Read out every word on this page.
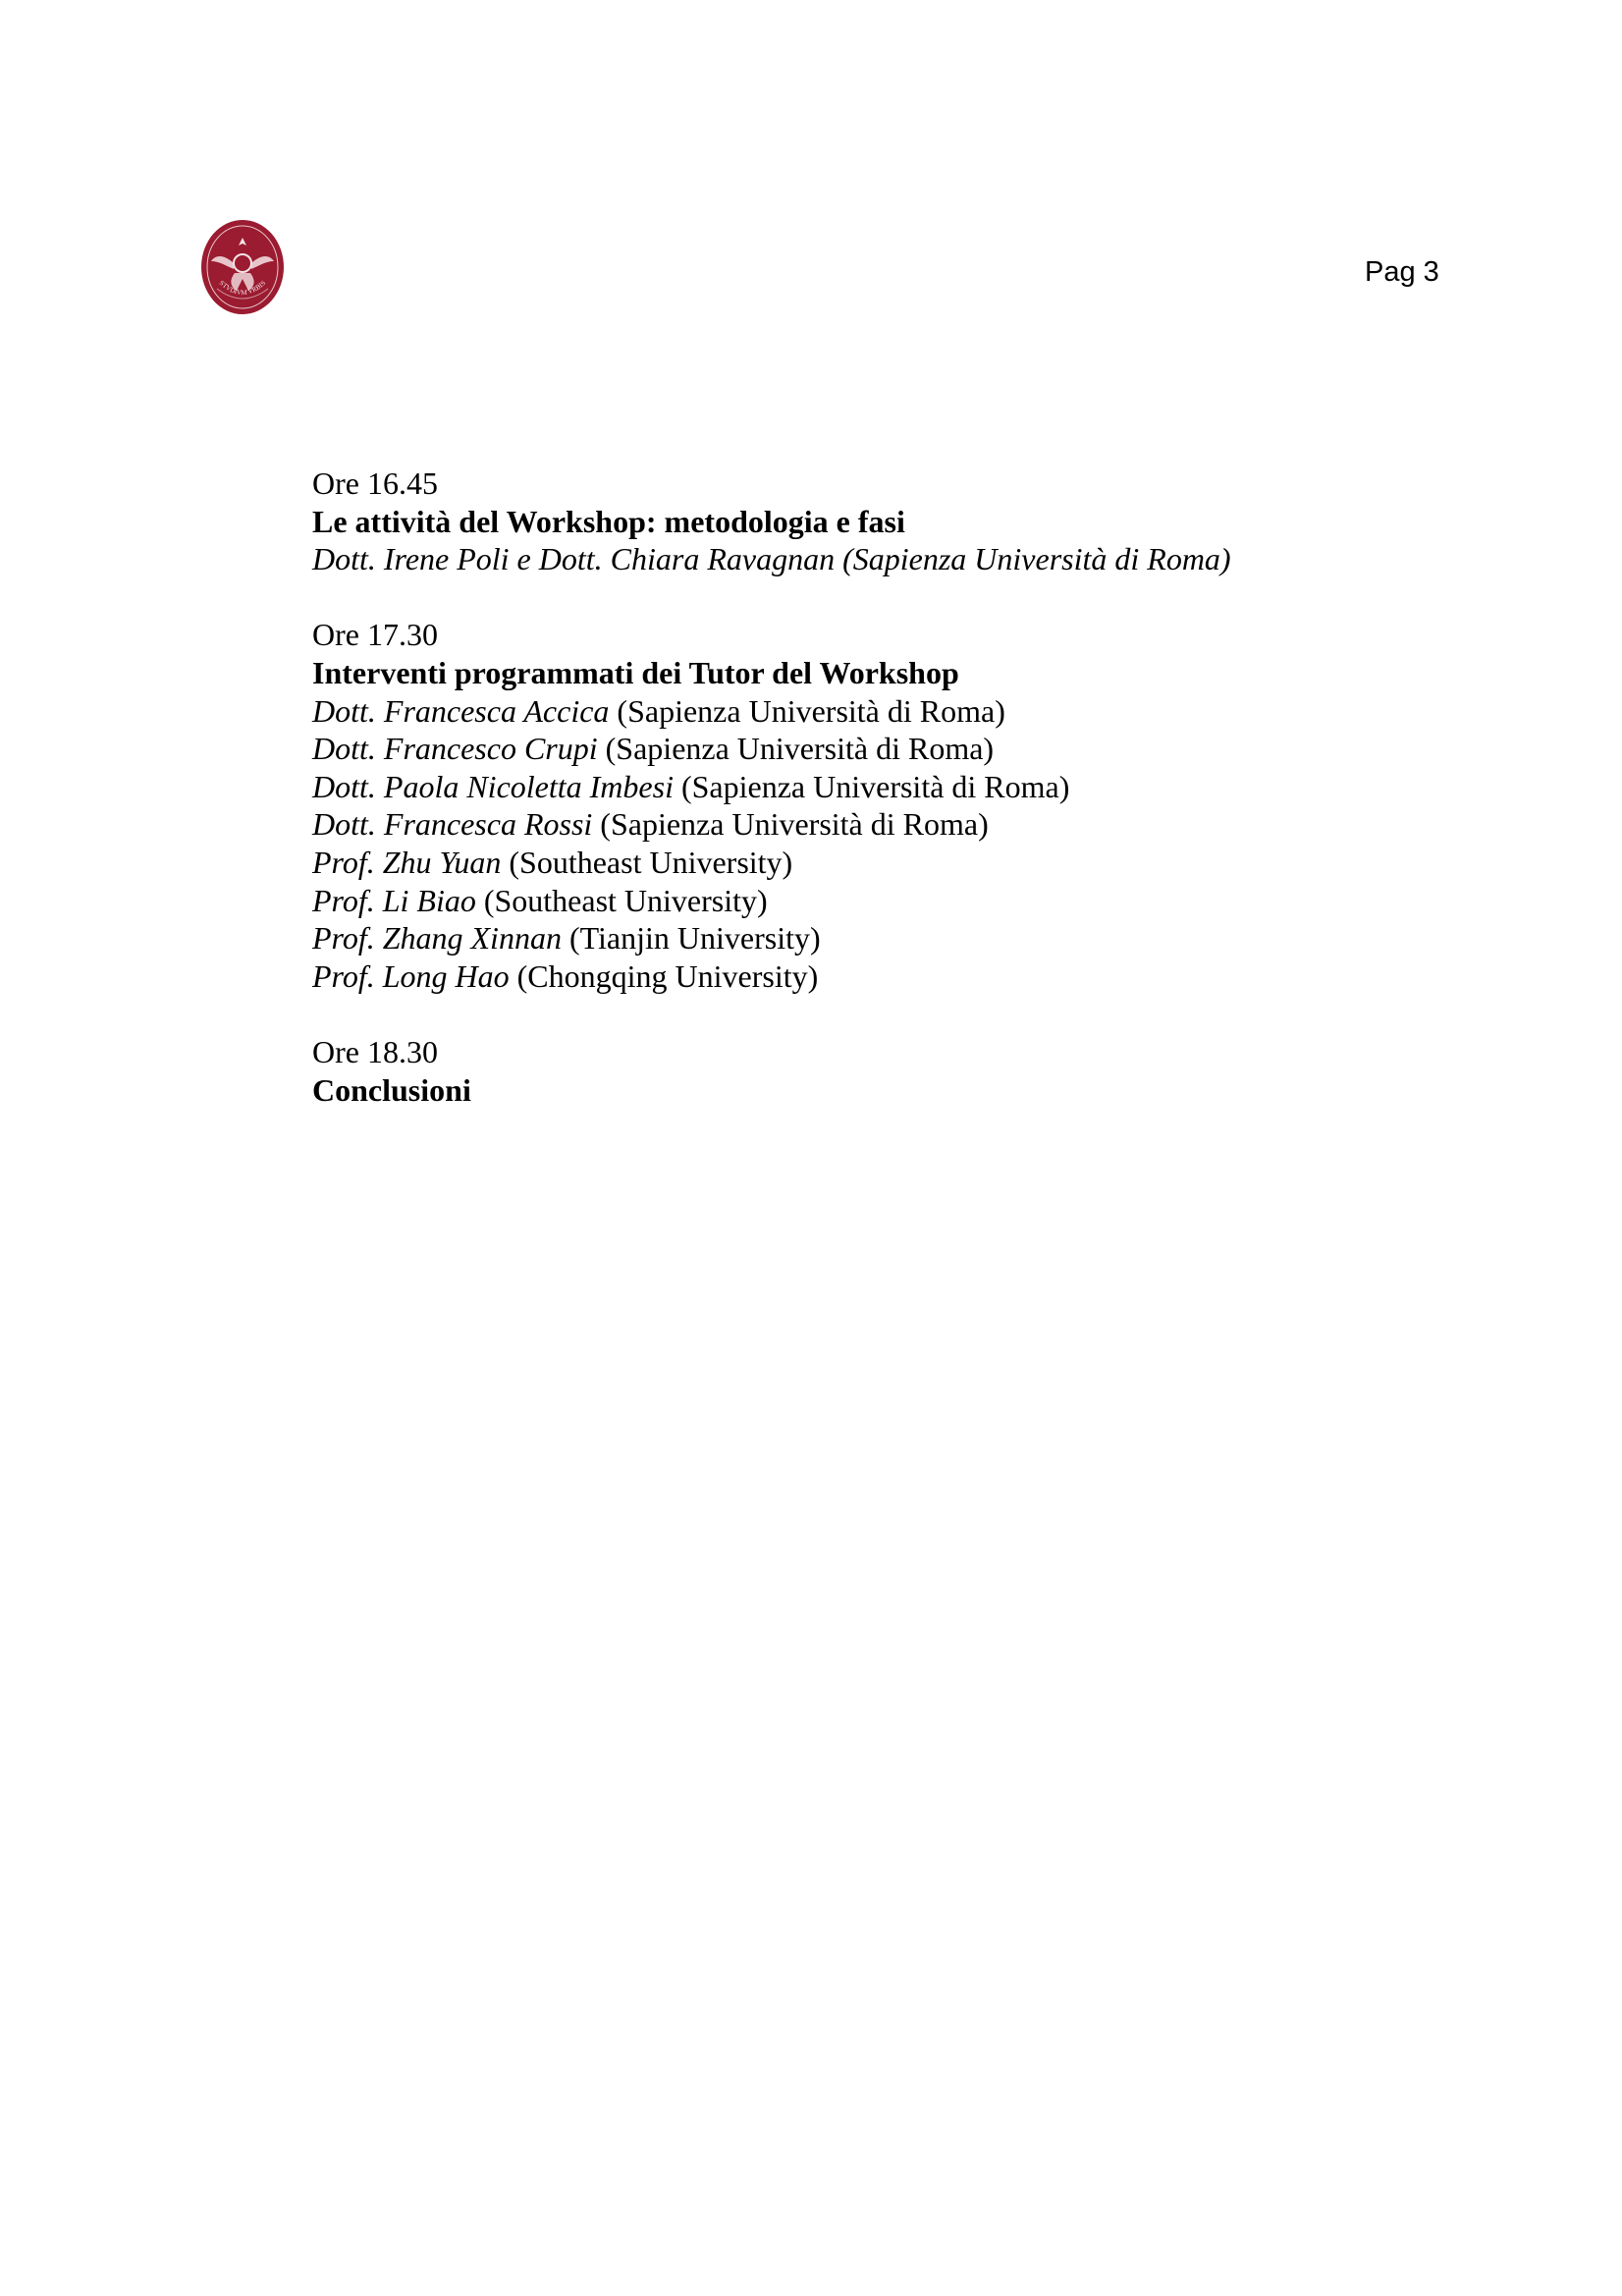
STVDIVM VRBIS	Pag 3
Ore 16.45
Le attività del Workshop: metodologia e fasi
Dott. Irene Poli e Dott. Chiara Ravagnan (Sapienza Università di Roma)
Ore 17.30
Interventi programmati dei Tutor del Workshop
Dott. Francesca Accica (Sapienza Università di Roma)
Dott. Francesco Crupi (Sapienza Università di Roma)
Dott. Paola Nicoletta Imbesi (Sapienza Università di Roma)
Dott. Francesca Rossi (Sapienza Università di Roma)
Prof. Zhu Yuan (Southeast University)
Prof. Li Biao (Southeast University)
Prof. Zhang Xinnan (Tianjin University)
Prof. Long Hao (Chongqing University)
Ore 18.30
Conclusioni
